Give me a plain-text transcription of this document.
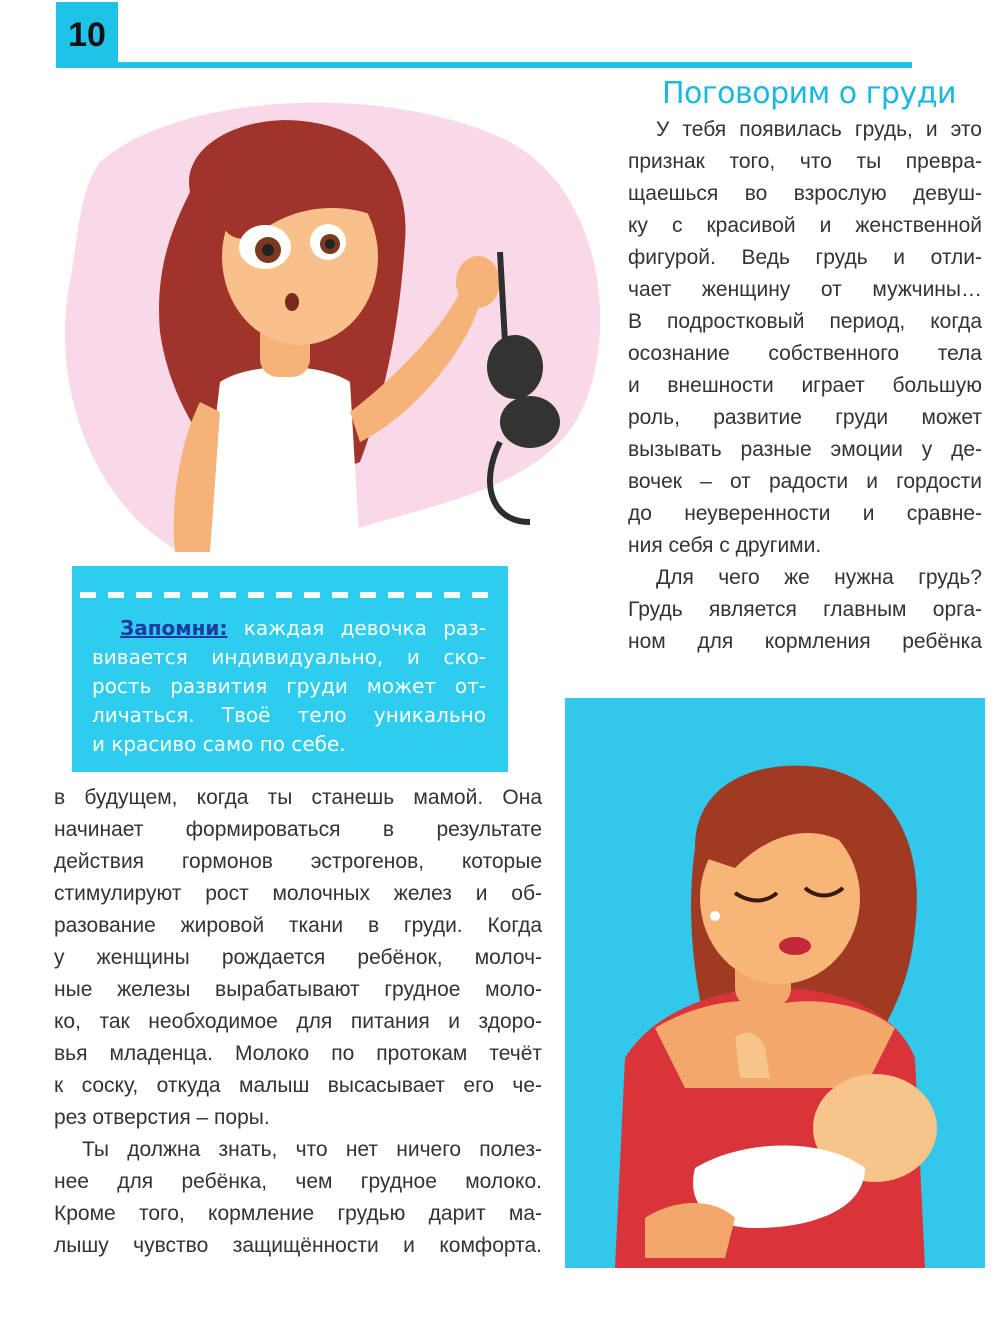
10
Поговорим о груди
Запомни: каждая девочка раз-
вивается индивидуально, и ско-
рость развития груди может от-
личаться. Твоё тело уникально
и красиво само по себе.
У тебя появилась грудь, и это
признак того, что ты превра-
щаешься во взрослую девуш-
ку с красивой и женственной
фигурой. Ведь грудь и отли-
чает женщину от мужчины…
В подростковый период, когда
осознание собственного тела
и внешности играет большую
роль, развитие груди может
вызывать разные эмоции у де-
вочек – от радости и гордости
до неуверенности и сравне-
ния себя с другими.
Для чего же нужна грудь?
Грудь является главным орга-
ном для кормления ребёнка
в будущем, когда ты станешь мамой. Она
начинает формироваться в результате
действия гормонов эстрогенов, которые
стимулируют рост молочных желез и об-
разование жировой ткани в груди. Когда
у женщины рождается ребёнок, молоч-
ные железы вырабатывают грудное моло-
ко, так необходимое для питания и здоро-
вья младенца. Молоко по протокам течёт
к соску, откуда малыш высасывает его че-
рез отверстия – поры.
Ты должна знать, что нет ничего полез-
нее для ребёнка, чем грудное молоко.
Кроме того, кормление грудью дарит ма-
лышу чувство защищённости и комфорта.
